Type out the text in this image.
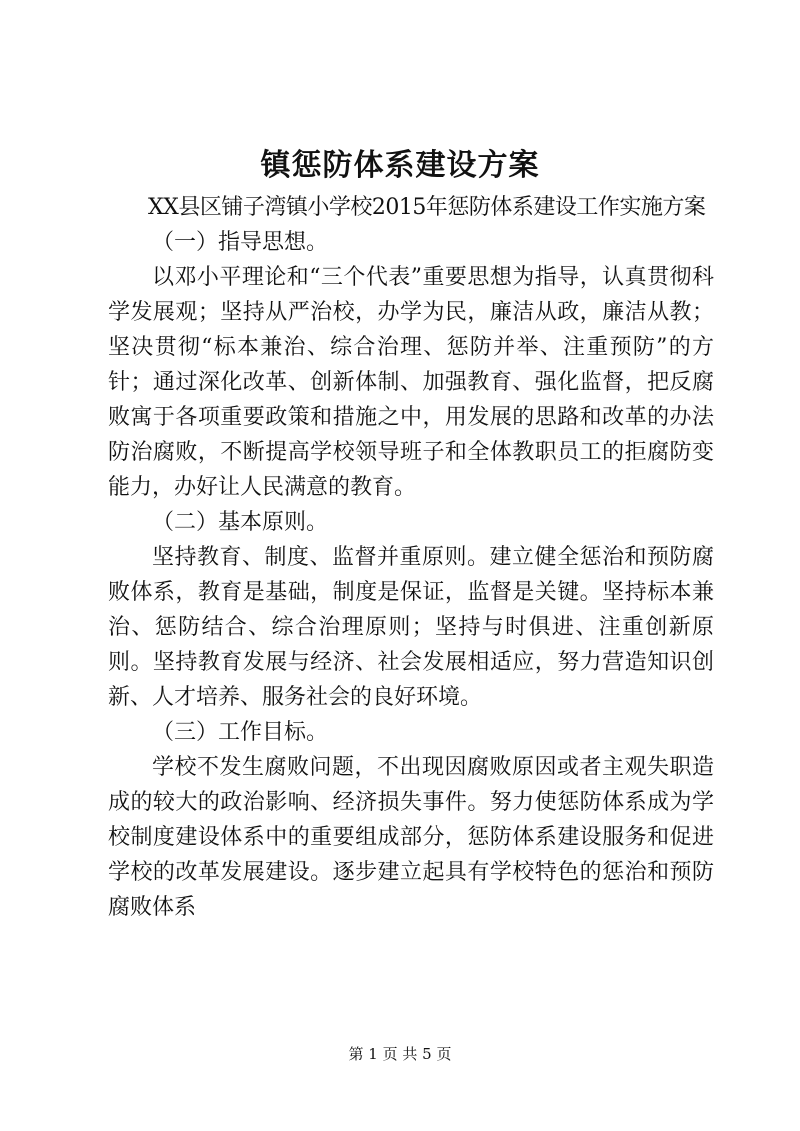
镇惩防体系建设方案

XX县区铺子湾镇小学校2015年惩防体系建设工作实施方案

（一）指导思想。

以邓小平理论和“三个代表”重要思想为指导，认真贯彻科学发展观；坚持从严治校，办学为民，廉洁从政，廉洁从教；坚决贯彻“标本兼治、综合治理、惩防并举、注重预防”的方针；通过深化改革、创新体制、加强教育、强化监督，把反腐败寓于各项重要政策和措施之中，用发展的思路和改革的办法防治腐败，不断提高学校领导班子和全体教职员工的拒腐防变能力，办好让人民满意的教育。

（二）基本原则。

坚持教育、制度、监督并重原则。建立健全惩治和预防腐败体系，教育是基础，制度是保证，监督是关键。坚持标本兼治、惩防结合、综合治理原则；坚持与时俱进、注重创新原则。坚持教育发展与经济、社会发展相适应，努力营造知识创新、人才培养、服务社会的良好环境。

（三）工作目标。

学校不发生腐败问题，不出现因腐败原因或者主观失职造成的较大的政治影响、经济损失事件。努力使惩防体系成为学校制度建设体系中的重要组成部分，惩防体系建设服务和促进学校的改革发展建设。逐步建立起具有学校特色的惩治和预防腐败体系

第 1 页 共 5 页
